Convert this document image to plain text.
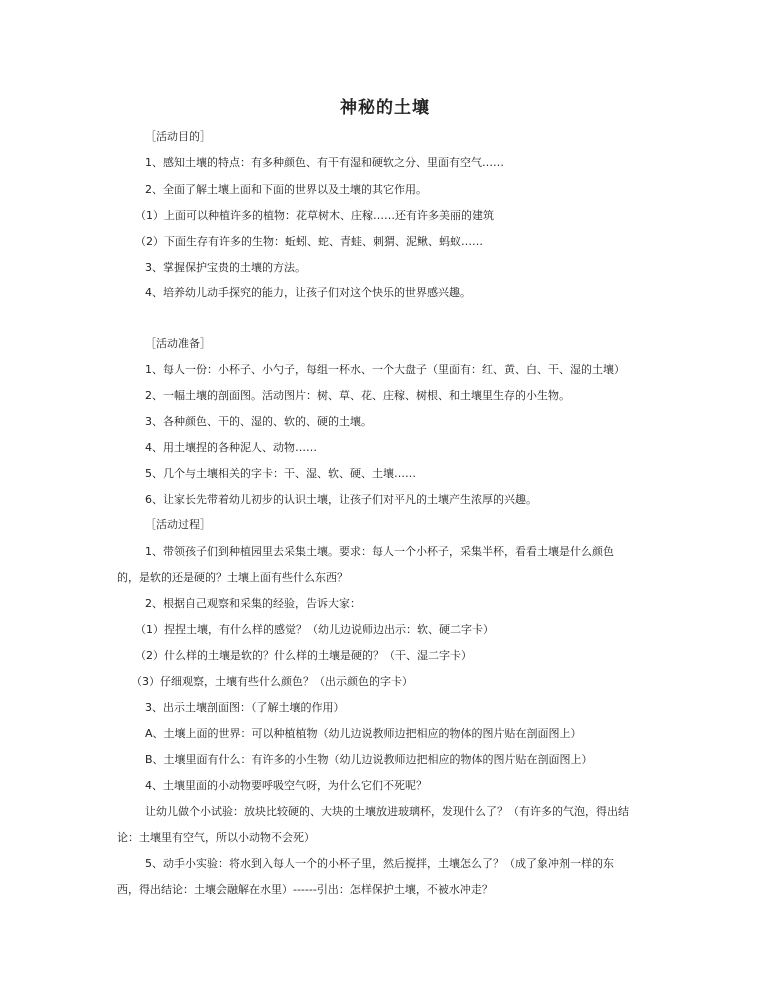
神秘的土壤
［活动目的］
1、感知土壤的特点：有多种颜色、有干有湿和硬软之分、里面有空气……
2、全面了解土壤上面和下面的世界以及土壤的其它作用。
（1）上面可以种植许多的植物：花草树木、庄稼……还有许多美丽的建筑
（2）下面生存有许多的生物：蚯蚓、蛇、青蛙、刺猬、泥鳅、蚂蚁……
3、掌握保护宝贵的土壤的方法。
4、培养幼儿动手探究的能力，让孩子们对这个快乐的世界感兴趣。
［活动准备］
1、每人一份：小杯子、小勺子，每组一杯水、一个大盘子（里面有：红、黄、白、干、湿的土壤）
2、一幅土壤的剖面图。活动图片：树、草、花、庄稼、树根、和土壤里生存的小生物。
3、各种颜色、干的、湿的、软的、硬的土壤。
4、用土壤捏的各种泥人、动物……
5、几个与土壤相关的字卡：干、湿、软、硬、土壤……
6、让家长先带着幼儿初步的认识土壤，让孩子们对平凡的土壤产生浓厚的兴趣。
［活动过程］
1、带领孩子们到种植园里去采集土壤。要求：每人一个小杯子，采集半杯，看看土壤是什么颜色
的，是软的还是硬的？土壤上面有些什么东西？
2、根据自己观察和采集的经验，告诉大家：
（1）捏捏土壤，有什么样的感觉？（幼儿边说师边出示：软、硬二字卡）
（2）什么样的土壤是软的？什么样的土壤是硬的？（干、湿二字卡）
（3）仔细观察，土壤有些什么颜色？（出示颜色的字卡）
3、出示土壤剖面图：（了解土壤的作用）
A、土壤上面的世界：可以种植植物（幼儿边说教师边把相应的物体的图片贴在剖面图上）
B、土壤里面有什么：有许多的小生物（幼儿边说教师边把相应的物体的图片贴在剖面图上）
4、土壤里面的小动物要呼吸空气呀，为什么它们不死呢？
让幼儿做个小试验：放块比较硬的、大块的土壤放进玻璃杯，发现什么了？（有许多的气泡，得出结
论：土壤里有空气，所以小动物不会死）
5、动手小实验：将水到入每人一个的小杯子里，然后搅拌，土壤怎么了？（成了象冲剂一样的东
西，得出结论：土壤会融解在水里）------引出：怎样保护土壤，不被水冲走？
